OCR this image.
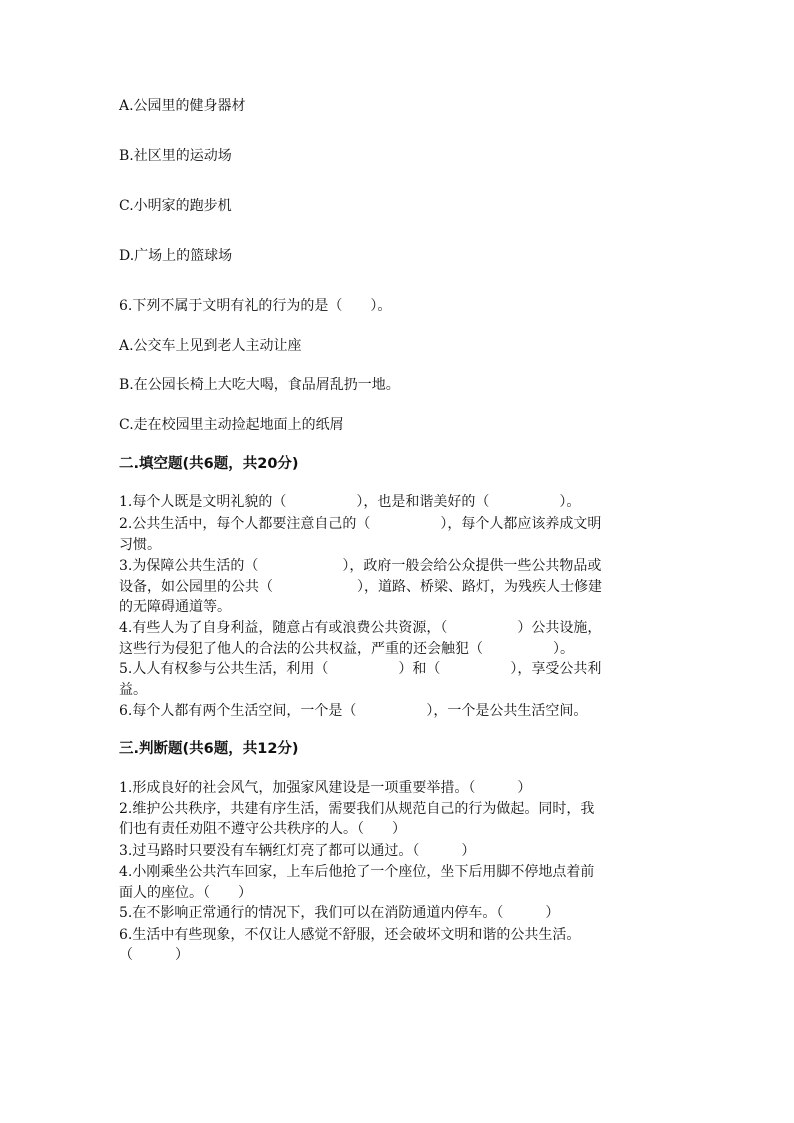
A.公园里的健身器材
B.社区里的运动场
C.小明家的跑步机
D.广场上的篮球场
6.下列不属于文明有礼的行为的是（　　）。
A.公交车上见到老人主动让座
B.在公园长椅上大吃大喝，食品屑乱扔一地。
C.走在校园里主动捡起地面上的纸屑
二.填空题(共6题，共20分)
1.每个人既是文明礼貌的（　　　　　），也是和谐美好的（　　　　　）。
2.公共生活中，每个人都要注意自己的（　　　　　），每个人都应该养成文明
习惯。
3.为保障公共生活的（　　　　　　），政府一般会给公众提供一些公共物品或
设备，如公园里的公共（　　　　　　），道路、桥梁、路灯，为残疾人士修建
的无障碍通道等。
4.有些人为了自身利益，随意占有或浪费公共资源，（　　　　　）公共设施，
这些行为侵犯了他人的合法的公共权益，严重的还会触犯（　　　　　）。
5.人人有权参与公共生活，利用（　　　　　）和（　　　　　），享受公共利
益。
6.每个人都有两个生活空间，一个是（　　　　　），一个是公共生活空间。
三.判断题(共6题，共12分)
1.形成良好的社会风气，加强家风建设是一项重要举措。（　　　）
2.维护公共秩序，共建有序生活，需要我们从规范自己的行为做起。同时，我
们也有责任劝阻不遵守公共秩序的人。（　　）
3.过马路时只要没有车辆红灯亮了都可以通过。（　　　）
4.小刚乘坐公共汽车回家，上车后他抢了一个座位，坐下后用脚不停地点着前
面人的座位。（　　）
5.在不影响正常通行的情况下，我们可以在消防通道内停车。（　　　）
6.生活中有些现象，不仅让人感觉不舒服，还会破坏文明和谐的公共生活。
（　　　）
